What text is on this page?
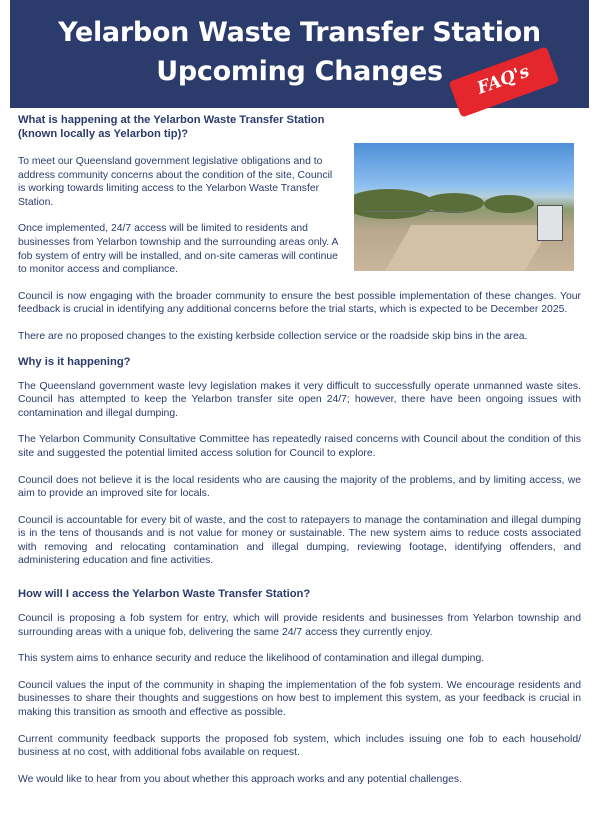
Yelarbon Waste Transfer Station
Upcoming Changes	FAQ's
What is happening at the Yelarbon Waste Transfer Station (known locally as Yelarbon tip)?

To meet our Queensland government legislative obligations and to address community concerns about the condition of the site, Council is working towards limiting access to the Yelarbon Waste Transfer Station.

Once implemented, 24/7 access will be limited to residents and businesses from Yelarbon township and the surrounding areas only. A fob system of entry will be installed, and on-site cameras will continue to monitor access and compliance.

Council is now engaging with the broader community to ensure the best possible implementation of these changes. Your feedback is crucial in identifying any additional concerns before the trial starts, which is expected to be December 2025.

There are no proposed changes to the existing kerbside collection service or the roadside skip bins in the area.

Why is it happening?

The Queensland government waste levy legislation makes it very difficult to successfully operate unmanned waste sites. Council has attempted to keep the Yelarbon transfer site open 24/7; however, there have been ongoing issues with contamination and illegal dumping.

The Yelarbon Community Consultative Committee has repeatedly raised concerns with Council about the condition of this site and suggested the potential limited access solution for Council to explore.

Council does not believe it is the local residents who are causing the majority of the problems, and by limiting access, we aim to provide an improved site for locals.

Council is accountable for every bit of waste, and the cost to ratepayers to manage the contamination and illegal dumping is in the tens of thousands and is not value for money or sustainable. The new system aims to reduce costs associated with removing and relocating contamination and illegal dumping, reviewing footage, identifying offenders, and administering education and fine activities.

How will I access the Yelarbon Waste Transfer Station?

Council is proposing a fob system for entry, which will provide residents and businesses from Yelarbon township and surrounding areas with a unique fob, delivering the same 24/7 access they currently enjoy.

This system aims to enhance security and reduce the likelihood of contamination and illegal dumping.

Council values the input of the community in shaping the implementation of the fob system. We encourage residents and businesses to share their thoughts and suggestions on how best to implement this system, as your feedback is crucial in making this transition as smooth and effective as possible.

Current community feedback supports the proposed fob system, which includes issuing one fob to each household/ business at no cost, with additional fobs available on request.

We would like to hear from you about whether this approach works and any potential challenges.
